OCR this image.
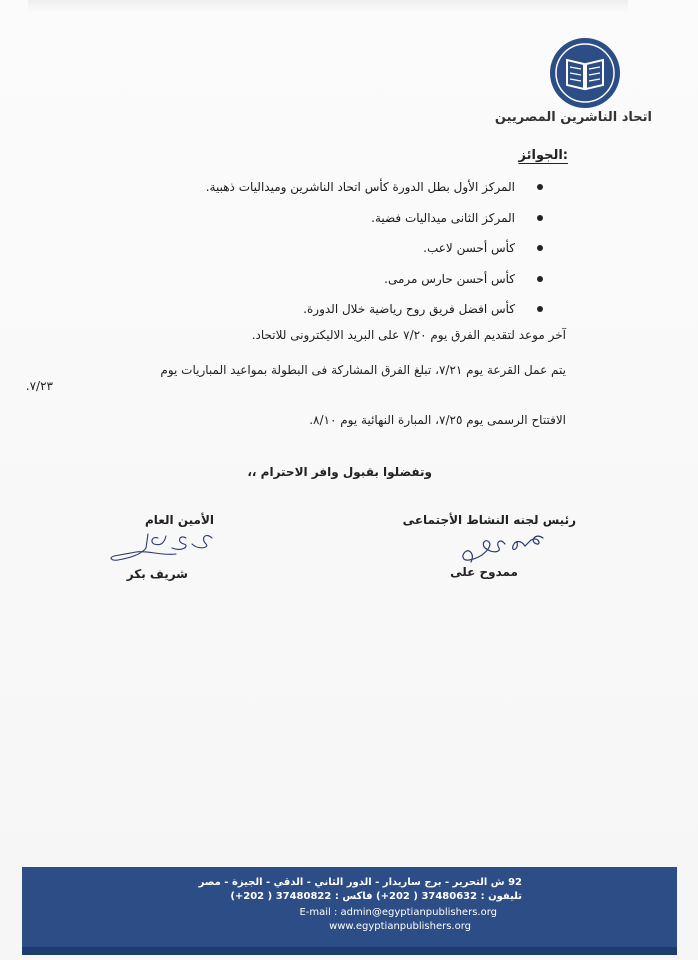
اتحاد الناشرين المصريين
:الجوائز
المركز الأول بطل الدورة كأس اتحاد الناشرين وميداليات ذهبية.
المركز الثانى ميداليات فضية.
كأس أحسن لاعب.
كأس أحسن حارس مرمى.
كأس افضل فريق روح رياضية خلال الدورة.
آخر موعد لتقديم الفرق يوم ٧/٢٠ على البريد الاليكترونى للاتحاد.
يتم عمل القرعة يوم ٧/٢١، تبلغ الفرق المشاركة فى البطولة بمواعيد المباريات يوم
٧/٢٣.
الافتتاح الرسمى يوم ٧/٢٥، المبارة النهائية يوم ٨/١٠.
وتفضلوا بقبول وافر الاحترام ،،
رئيس لجنه النشاط الأجتماعى
ممدوح على
الأمين العام
شريف بكر
92 ش التحرير - برج ساريدار - الدور الثاني - الدقي - الجيزة - مصر
تليفون : 37480632 ( 202+) فاكس : 37480822 ( 202+)
E-mail : admin@egyptianpublishers.org
www.egyptianpublishers.org
